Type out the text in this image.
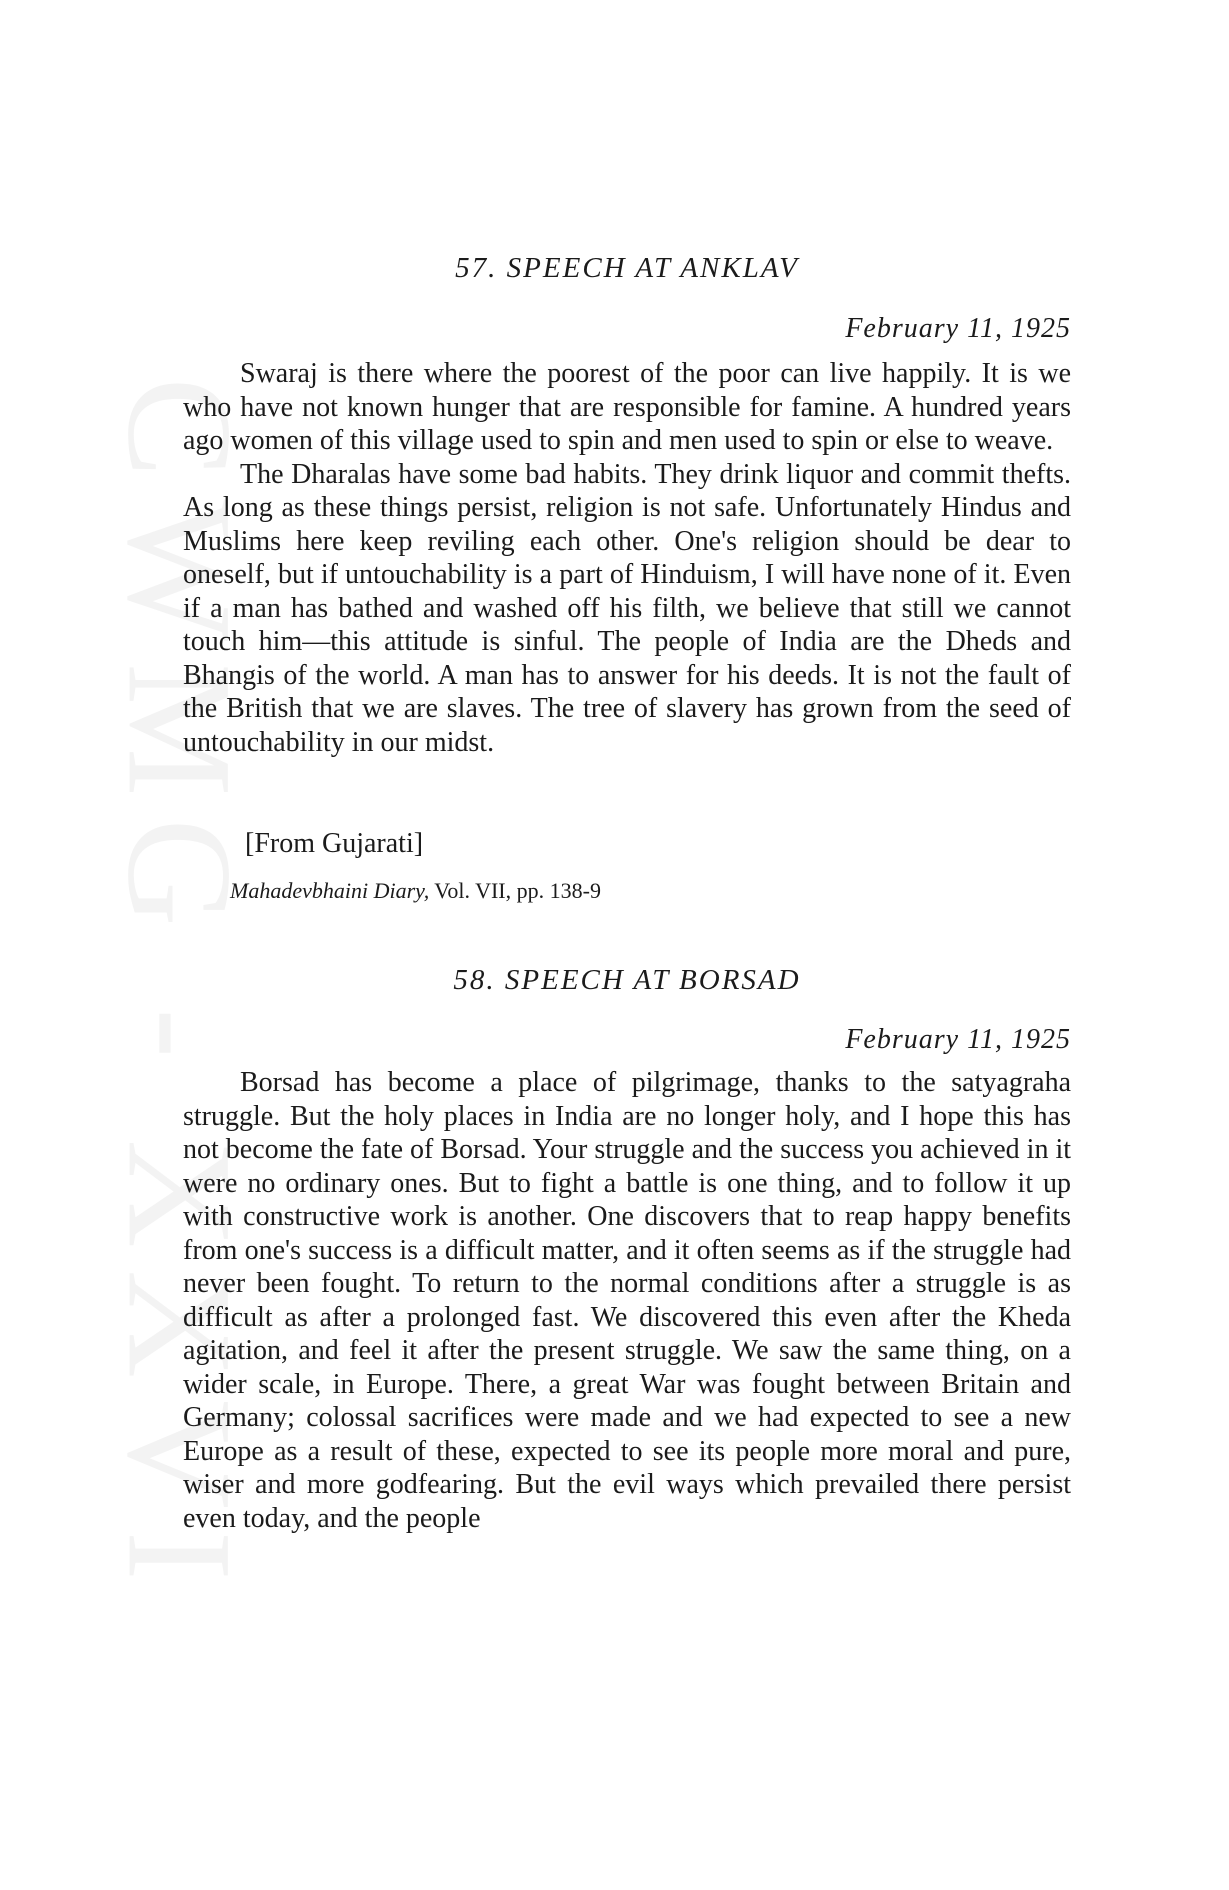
CWMG - XXVI
57. SPEECH AT ANKLAV
February 11, 1925

Swaraj is there where the poorest of the poor can live happily. It is we who have not known hunger that are responsible for famine. A hundred years ago women of this village used to spin and men used to spin or else to weave.

The Dharalas have some bad habits. They drink liquor and commit thefts. As long as these things persist, religion is not safe. Unfortunately Hindus and Muslims here keep reviling each other. One's religion should be dear to oneself, but if untouchability is a part of Hinduism, I will have none of it. Even if a man has bathed and washed off his filth, we believe that still we cannot touch him—this attitude is sinful. The people of India are the Dheds and Bhangis of the world. A man has to answer for his deeds. It is not the fault of the British that we are slaves. The tree of slavery has grown from the seed of untouchability in our midst.

[From Gujarati]
Mahadevbhaini Diary, Vol. VII, pp. 138-9
58. SPEECH AT BORSAD
February 11, 1925

Borsad has become a place of pilgrimage, thanks to the satyagraha struggle. But the holy places in India are no longer holy, and I hope this has not become the fate of Borsad. Your struggle and the success you achieved in it were no ordinary ones. But to fight a battle is one thing, and to follow it up with constructive work is another. One discovers that to reap happy benefits from one's success is a difficult matter, and it often seems as if the struggle had never been fought. To return to the normal conditions after a struggle is as difficult as after a prolonged fast. We discovered this even after the Kheda agitation, and feel it after the present struggle. We saw the same thing, on a wider scale, in Europe. There, a great War was fought between Britain and Germany; colossal sacrifices were made and we had expected to see a new Europe as a result of these, expected to see its people more moral and pure, wiser and more godfearing. But the evil ways which prevailed there persist even today, and the people
